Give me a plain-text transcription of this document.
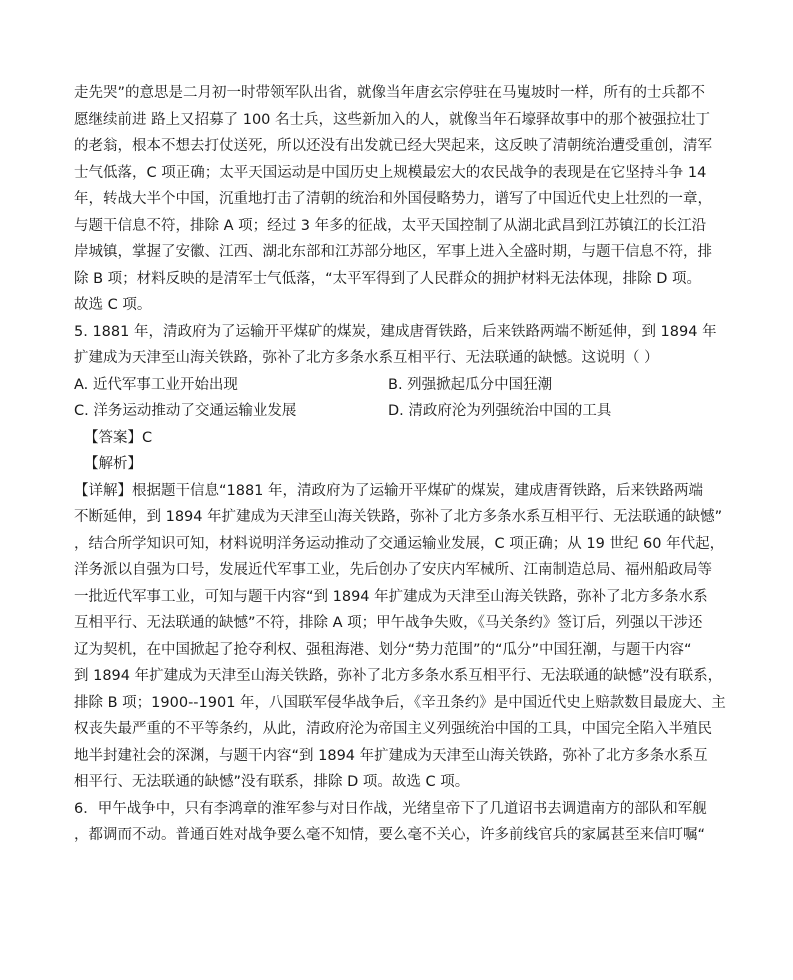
走先哭”的意思是二月初一时带领军队出省，就像当年唐玄宗停驻在马嵬坡时一样，所有的士兵都不
愿继续前进 路上又招募了 100 名士兵，这些新加入的人，就像当年石壕驿故事中的那个被强拉壮丁
的老翁，根本不想去打仗送死，所以还没有出发就已经大哭起来，这反映了清朝统治遭受重创，清军
士气低落，C 项正确；太平天国运动是中国历史上规模最宏大的农民战争的表现是在它坚持斗争 14
年，转战大半个中国，沉重地打击了清朝的统治和外国侵略势力，谱写了中国近代史上壮烈的一章，
与题干信息不符，排除 A 项；经过 3 年多的征战，太平天国控制了从湖北武昌到江苏镇江的长江沿
岸城镇，掌握了安徽、江西、湖北东部和江苏部分地区，军事上进入全盛时期，与题干信息不符，排
除 B 项；材料反映的是清军士气低落，“太平军得到了人民群众的拥护材料无法体现，排除 D 项。
故选 C 项。
5. 1881 年，清政府为了运输开平煤矿的煤炭，建成唐胥铁路，后来铁路两端不断延伸，到 1894 年
扩建成为天津至山海关铁路，弥补了北方多条水系互相平行、无法联通的缺憾。这说明（ ）
A. 近代军事工业开始出现	B. 列强掀起瓜分中国狂潮
C. 洋务运动推动了交通运输业发展	D. 清政府沦为列强统治中国的工具
【答案】C
【解析】
【详解】根据题干信息“1881 年，清政府为了运输开平煤矿的煤炭，建成唐胥铁路，后来铁路两端
不断延伸，到 1894 年扩建成为天津至山海关铁路，弥补了北方多条水系互相平行、无法联通的缺憾”
，结合所学知识可知，材料说明洋务运动推动了交通运输业发展，C 项正确；从 19 世纪 60 年代起，
洋务派以自强为口号，发展近代军事工业，先后创办了安庆内军械所、江南制造总局、福州船政局等
一批近代军事工业，可知与题干内容“到 1894 年扩建成为天津至山海关铁路，弥补了北方多条水系
互相平行、无法联通的缺憾”不符，排除 A 项；甲午战争失败，《马关条约》签订后，列强以干涉还
辽为契机，在中国掀起了抢夺利权、强租海港、划分“势力范围”的“瓜分”中国狂潮，与题干内容“
到 1894 年扩建成为天津至山海关铁路，弥补了北方多条水系互相平行、无法联通的缺憾”没有联系，
排除 B 项；1900--1901 年，八国联军侵华战争后，《辛丑条约》是中国近代史上赔款数目最庞大、主
权丧失最严重的不平等条约，从此，清政府沦为帝国主义列强统治中国的工具，中国完全陷入半殖民
地半封建社会的深渊，与题干内容“到 1894 年扩建成为天津至山海关铁路，弥补了北方多条水系互
相平行、无法联通的缺憾”没有联系，排除 D 项。故选 C 项。
6．甲午战争中，只有李鸿章的淮军参与对日作战，光绪皇帝下了几道诏书去调遣南方的部队和军舰
，都调而不动。普通百姓对战争要么毫不知情，要么毫不关心，许多前线官兵的家属甚至来信叮嘱“
